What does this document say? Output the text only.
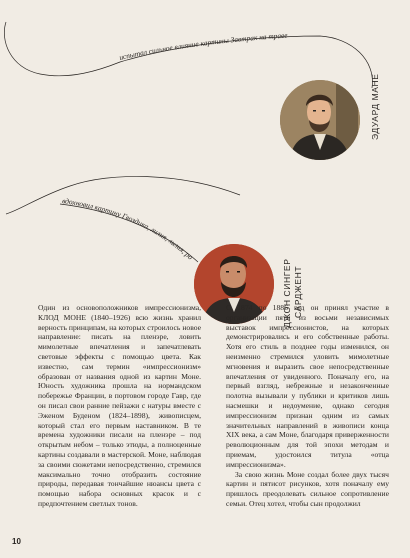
испытал сильное влияние картины Завтрак на траве
вдохновил картину Гвоздика, лилия, лилия, ро
ЭДУАРД МАНЕ
ДЖОН СИНГЕР САРДЖЕНТ

Один из основоположников импрессионизма, КЛОД МОНЕ (1840–1926) всю жизнь хранил верность принципам, на которых строилось новое направление: писать на пленэре, ловить мимолетные впечатления и запечатлевать световые эффекты с помощью цвета. Как известно, сам термин «импрессионизм» образован от названия одной из картин Моне. Юность художника прошла на нормандском побережье Франции, в портовом городе Гавр, где он писал свои ранние пейзажи с натуры вместе с Эженом Буденом (1824–1898), живописцем, который стал его первым наставником. В те времена художники писали на пленэре – под открытым небом – только этюды, а полноценные картины создавали в мастерской. Моне, наблюдая за своими сюжетами непосредственно, стремился максимально точно отобразить состояние природы, передавая тончайшие нюансы цвета с помощью набора основных красок и с предпочтением светлых тонов.

С 1874 по 1886 год он принял участие в организации пяти из восьми независимых выставок импрессионистов, на которых демонстрировались и его собственные работы. Хотя его стиль в позднее годы изменился, он неизменно стремился уловить мимолетные мгновения и выразить свое непосредственные впечатления от увиденного. Поначалу его, на первый взгляд, небрежные и незаконченные полотна вызывали у публики и критиков лишь насмешки и недоумение, однако сегодня импрессионизм признан одним из самых значительных направлений в живописи конца XIX века, а сам Моне, благодаря приверженности революционным для той эпохи методам и приемам, удостоился титула «отца импрессионизма».

За свою жизнь Моне создал более двух тысяч картин и пятисот рисунков, хотя поначалу ему пришлось преодолевать сильное сопротивление семьи. Отец хотел, чтобы сын продолжил

10
